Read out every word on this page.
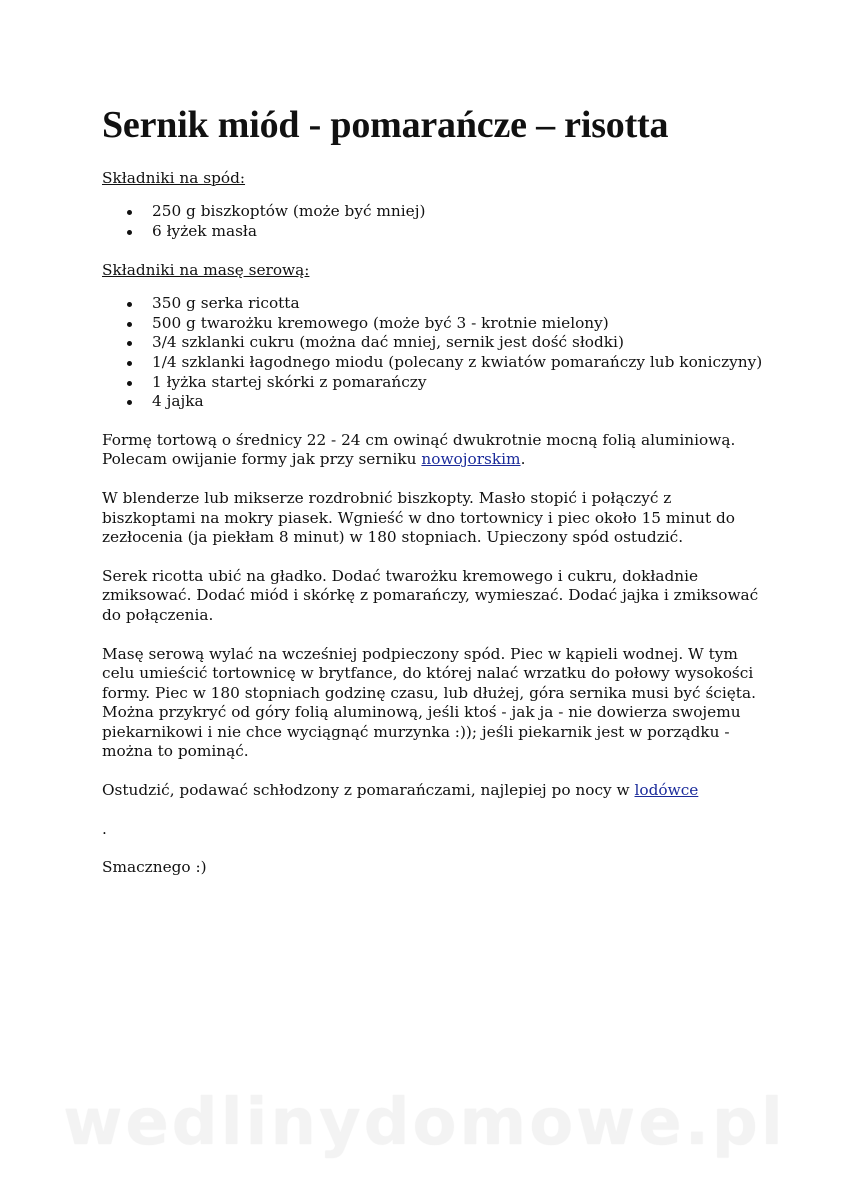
Sernik miód - pomarańcze – risotta
Składniki na spód:
250 g biszkoptów (może być mniej)
6 łyżek masła
Składniki na masę serową:
350 g serka ricotta
500 g twarożku kremowego (może być 3 - krotnie mielony)
3/4 szklanki cukru (można dać mniej, sernik jest dość słodki)
1/4 szklanki łagodnego miodu (polecany z kwiatów pomarańczy lub koniczyny)
1 łyżka startej skórki z pomarańczy
4 jajka

Formę tortową o średnicy 22 - 24 cm owinąć dwukrotnie mocną folią aluminiową. Polecam owijanie formy jak przy serniku nowojorskim.

W blenderze lub mikserze rozdrobnić biszkopty. Masło stopić i połączyć z biszkoptami na mokry piasek. Wgnieść w dno tortownicy i piec około 15 minut do zezłocenia (ja piekłam 8 minut) w 180 stopniach. Upieczony spód ostudzić.

Serek ricotta ubić na gładko. Dodać twarożku kremowego i cukru, dokładnie zmiksować. Dodać miód i skórkę z pomarańczy, wymieszać. Dodać jajka i zmiksować do połączenia.

Masę serową wylać na wcześniej podpieczony spód. Piec w kąpieli wodnej. W tym celu umieścić tortownicę w brytfance, do której nalać wrzatku do połowy wysokości formy. Piec w 180 stopniach godzinę czasu, lub dłużej, góra sernika musi być ścięta. Można przykryć od góry folią aluminową, jeśli ktoś - jak ja - nie dowierza swojemu piekarnikowi i nie chce wyciągnąć murzynka :)); jeśli piekarnik jest w porządku - można to pominąć.

Ostudzić, podawać schłodzony z pomarańczami, najlepiej po nocy w lodówce

.

Smacznego :)

wedlinydomowe.pl
